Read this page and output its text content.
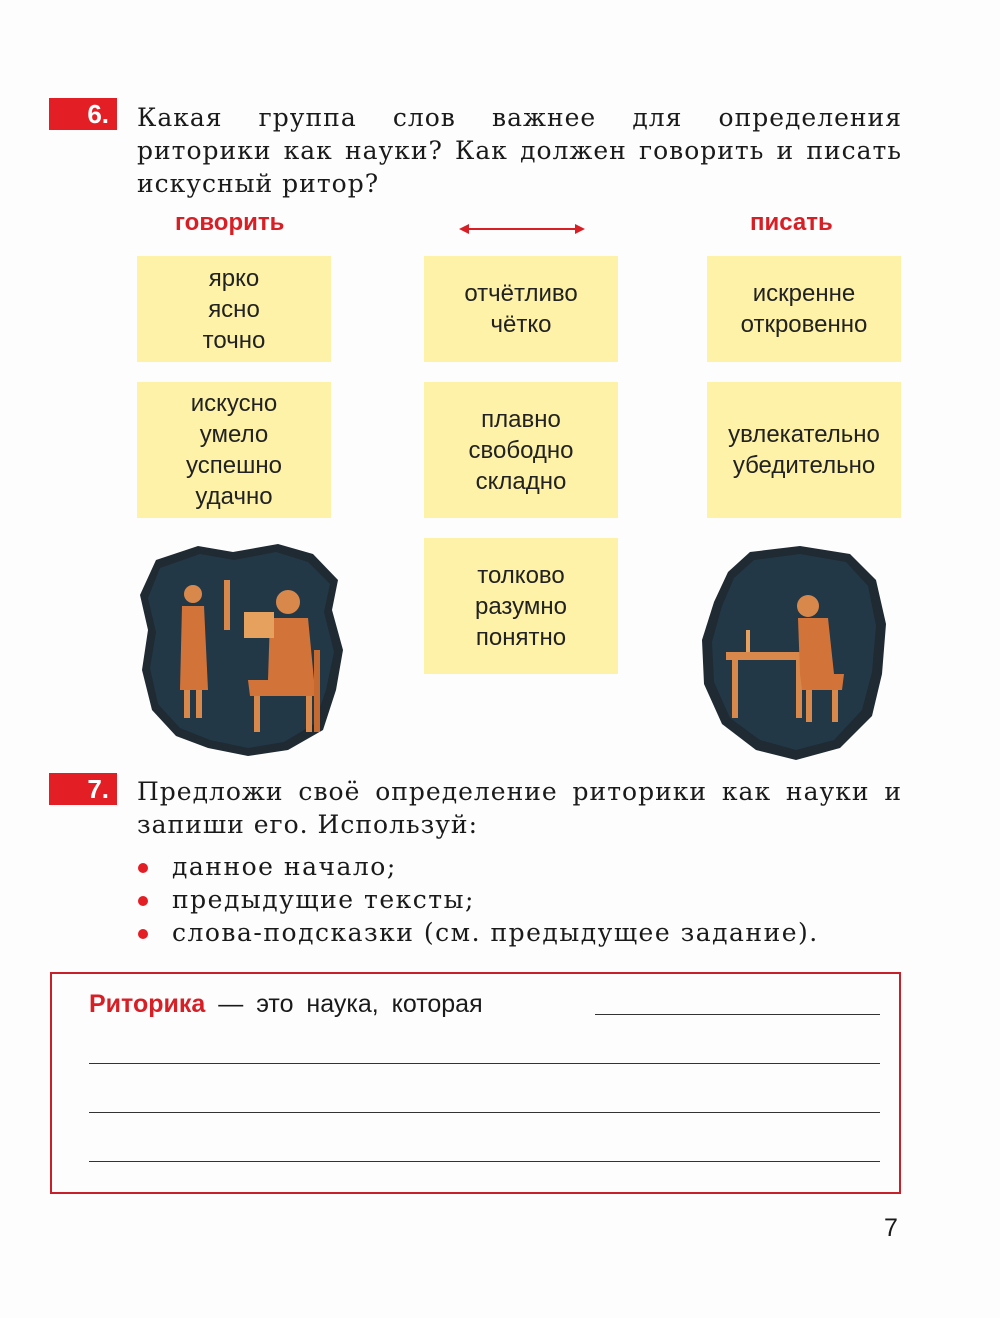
6.	Какая группа слов важнее для определения риторики как науки? Как должен говорить и писать искусный ритор?

говорить	писать
ярко
ясно
точно
отчётливо
чётко
искренне
откровенно
искусно
умело
успешно
удачно
плавно
свободно
складно
увлекательно
убедительно
толково
разумно
понятно
7.	Предложи своё определение риторики как науки и запиши его. Используй:

данное начало;
предыдущие тексты;
слова-подсказки (см. предыдущее задание).
Риторика — это наука, которая
7
